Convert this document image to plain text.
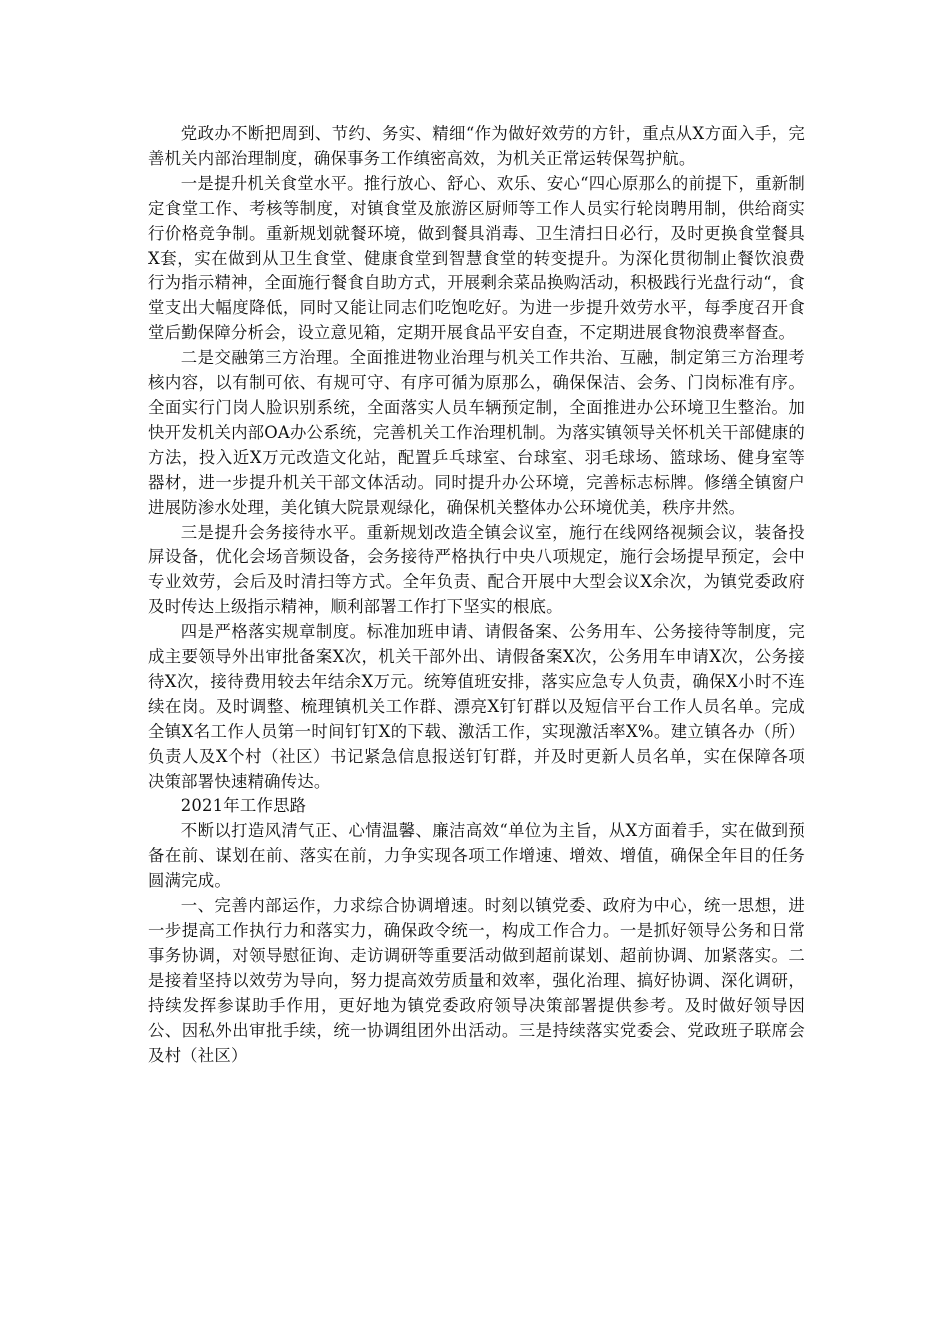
党政办不断把周到、节约、务实、精细“作为做好效劳的方针，重点从X方面入手，完善机关内部治理制度，确保事务工作缜密高效，为机关正常运转保驾护航。

一是提升机关食堂水平。推行放心、舒心、欢乐、安心“四心原那么的前提下，重新制定食堂工作、考核等制度，对镇食堂及旅游区厨师等工作人员实行轮岗聘用制，供给商实行价格竞争制。重新规划就餐环境，做到餐具消毒、卫生清扫日必行，及时更换食堂餐具X套，实在做到从卫生食堂、健康食堂到智慧食堂的转变提升。为深化贯彻制止餐饮浪费行为指示精神，全面施行餐食自助方式，开展剩余菜品换购活动，积极践行光盘行动“，食堂支出大幅度降低，同时又能让同志们吃饱吃好。为进一步提升效劳水平，每季度召开食堂后勤保障分析会，设立意见箱，定期开展食品平安自查，不定期进展食物浪费率督查。

二是交融第三方治理。全面推进物业治理与机关工作共治、互融，制定第三方治理考核内容，以有制可依、有规可守、有序可循为原那么，确保保洁、会务、门岗标准有序。全面实行门岗人脸识别系统，全面落实人员车辆预定制，全面推进办公环境卫生整治。加快开发机关内部OA办公系统，完善机关工作治理机制。为落实镇领导关怀机关干部健康的方法，投入近X万元改造文化站，配置乒乓球室、台球室、羽毛球场、篮球场、健身室等器材，进一步提升机关干部文体活动。同时提升办公环境，完善标志标牌。修缮全镇窗户进展防渗水处理，美化镇大院景观绿化，确保机关整体办公环境优美，秩序井然。

三是提升会务接待水平。重新规划改造全镇会议室，施行在线网络视频会议，装备投屏设备，优化会场音频设备，会务接待严格执行中央八项规定，施行会场提早预定，会中专业效劳，会后及时清扫等方式。全年负责、配合开展中大型会议X余次，为镇党委政府及时传达上级指示精神，顺利部署工作打下坚实的根底。

四是严格落实规章制度。标准加班申请、请假备案、公务用车、公务接待等制度，完成主要领导外出审批备案X次，机关干部外出、请假备案X次，公务用车申请X次，公务接待X次，接待费用较去年结余X万元。统筹值班安排，落实应急专人负责，确保X小时不连续在岗。及时调整、梳理镇机关工作群、漂亮X钉钉群以及短信平台工作人员名单。完成全镇X名工作人员第一时间钉钉X的下载、激活工作，实现激活率X%。建立镇各办（所）负责人及X个村（社区）书记紧急信息报送钉钉群，并及时更新人员名单，实在保障各项决策部署快速精确传达。

2021年工作思路

不断以打造风清气正、心情温馨、廉洁高效“单位为主旨，从X方面着手，实在做到预备在前、谋划在前、落实在前，力争实现各项工作增速、增效、增值，确保全年目的任务圆满完成。

一、完善内部运作，力求综合协调增速。时刻以镇党委、政府为中心，统一思想，进一步提高工作执行力和落实力，确保政令统一，构成工作合力。一是抓好领导公务和日常事务协调，对领导慰征询、走访调研等重要活动做到超前谋划、超前协调、加紧落实。二是接着坚持以效劳为导向，努力提高效劳质量和效率，强化治理、搞好协调、深化调研，持续发挥参谋助手作用，更好地为镇党委政府领导决策部署提供参考。及时做好领导因公、因私外出审批手续，统一协调组团外出活动。三是持续落实党委会、党政班子联席会及村（社区）
